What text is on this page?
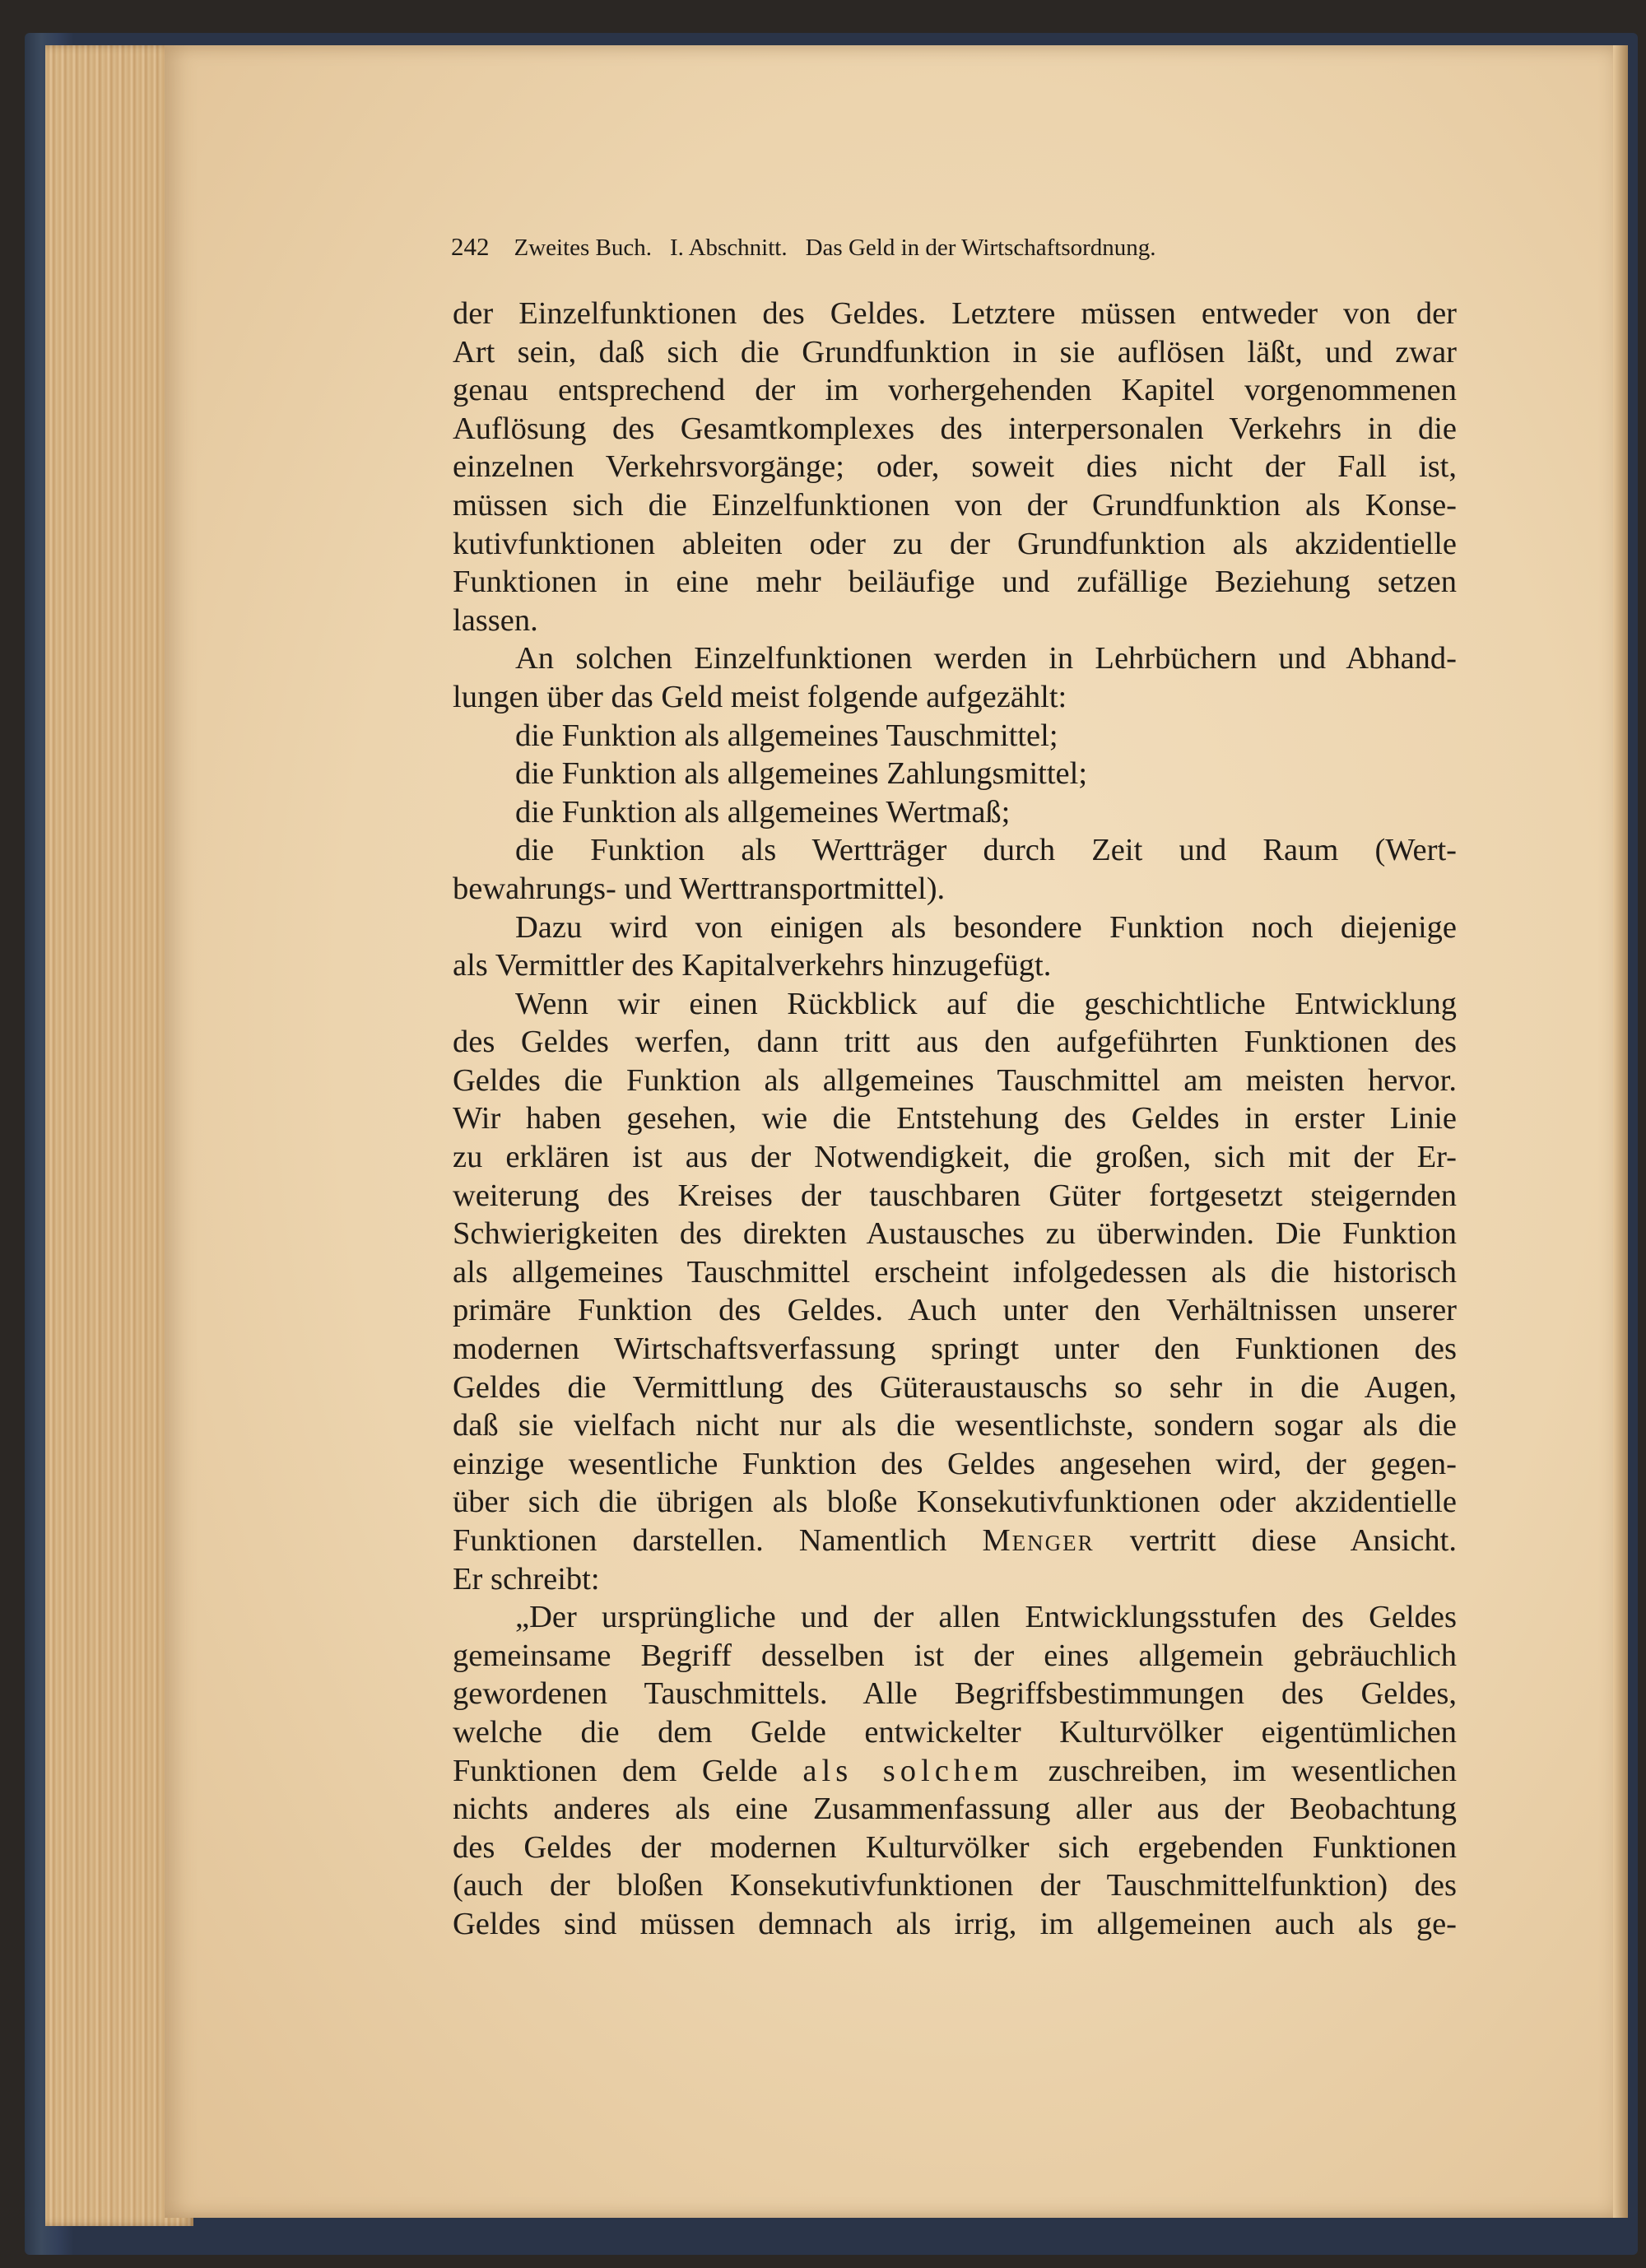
242 Zweites Buch. I. Abschnitt. Das Geld in der Wirtschaftsordnung.
der Einzelfunktionen des Geldes. Letztere müssen entweder von der
Art sein, daß sich die Grundfunktion in sie auflösen läßt, und zwar
genau entsprechend der im vorhergehenden Kapitel vorgenommenen
Auflösung des Gesamtkomplexes des interpersonalen Verkehrs in die
einzelnen Verkehrsvorgänge; oder, soweit dies nicht der Fall ist,
müssen sich die Einzelfunktionen von der Grundfunktion als Konse-
kutivfunktionen ableiten oder zu der Grundfunktion als akzidentielle
Funktionen in eine mehr beiläufige und zufällige Beziehung setzen
lassen.
An solchen Einzelfunktionen werden in Lehrbüchern und Abhand-
lungen über das Geld meist folgende aufgezählt:
die Funktion als allgemeines Tauschmittel;
die Funktion als allgemeines Zahlungsmittel;
die Funktion als allgemeines Wertmaß;
die Funktion als Wertträger durch Zeit und Raum (Wert-
bewahrungs- und Werttransportmittel).
Dazu wird von einigen als besondere Funktion noch diejenige
als Vermittler des Kapitalverkehrs hinzugefügt.
Wenn wir einen Rückblick auf die geschichtliche Entwicklung
des Geldes werfen, dann tritt aus den aufgeführten Funktionen des
Geldes die Funktion als allgemeines Tauschmittel am meisten hervor.
Wir haben gesehen, wie die Entstehung des Geldes in erster Linie
zu erklären ist aus der Notwendigkeit, die großen, sich mit der Er-
weiterung des Kreises der tauschbaren Güter fortgesetzt steigernden
Schwierigkeiten des direkten Austausches zu überwinden. Die Funktion
als allgemeines Tauschmittel erscheint infolgedessen als die historisch
primäre Funktion des Geldes. Auch unter den Verhältnissen unserer
modernen Wirtschaftsverfassung springt unter den Funktionen des
Geldes die Vermittlung des Güteraustauschs so sehr in die Augen,
daß sie vielfach nicht nur als die wesentlichste, sondern sogar als die
einzige wesentliche Funktion des Geldes angesehen wird, der gegen-
über sich die übrigen als bloße Konsekutivfunktionen oder akzidentielle
Funktionen darstellen. Namentlich Menger vertritt diese Ansicht.
Er schreibt:
„Der ursprüngliche und der allen Entwicklungsstufen des Geldes
gemeinsame Begriff desselben ist der eines allgemein gebräuchlich
gewordenen Tauschmittels. Alle Begriffsbestimmungen des Geldes,
welche die dem Gelde entwickelter Kulturvölker eigentümlichen
Funktionen dem Gelde als solchem zuschreiben, im wesentlichen
nichts anderes als eine Zusammenfassung aller aus der Beobachtung
des Geldes der modernen Kulturvölker sich ergebenden Funktionen
(auch der bloßen Konsekutivfunktionen der Tauschmittelfunktion) des
Geldes sind müssen demnach als irrig, im allgemeinen auch als ge-
